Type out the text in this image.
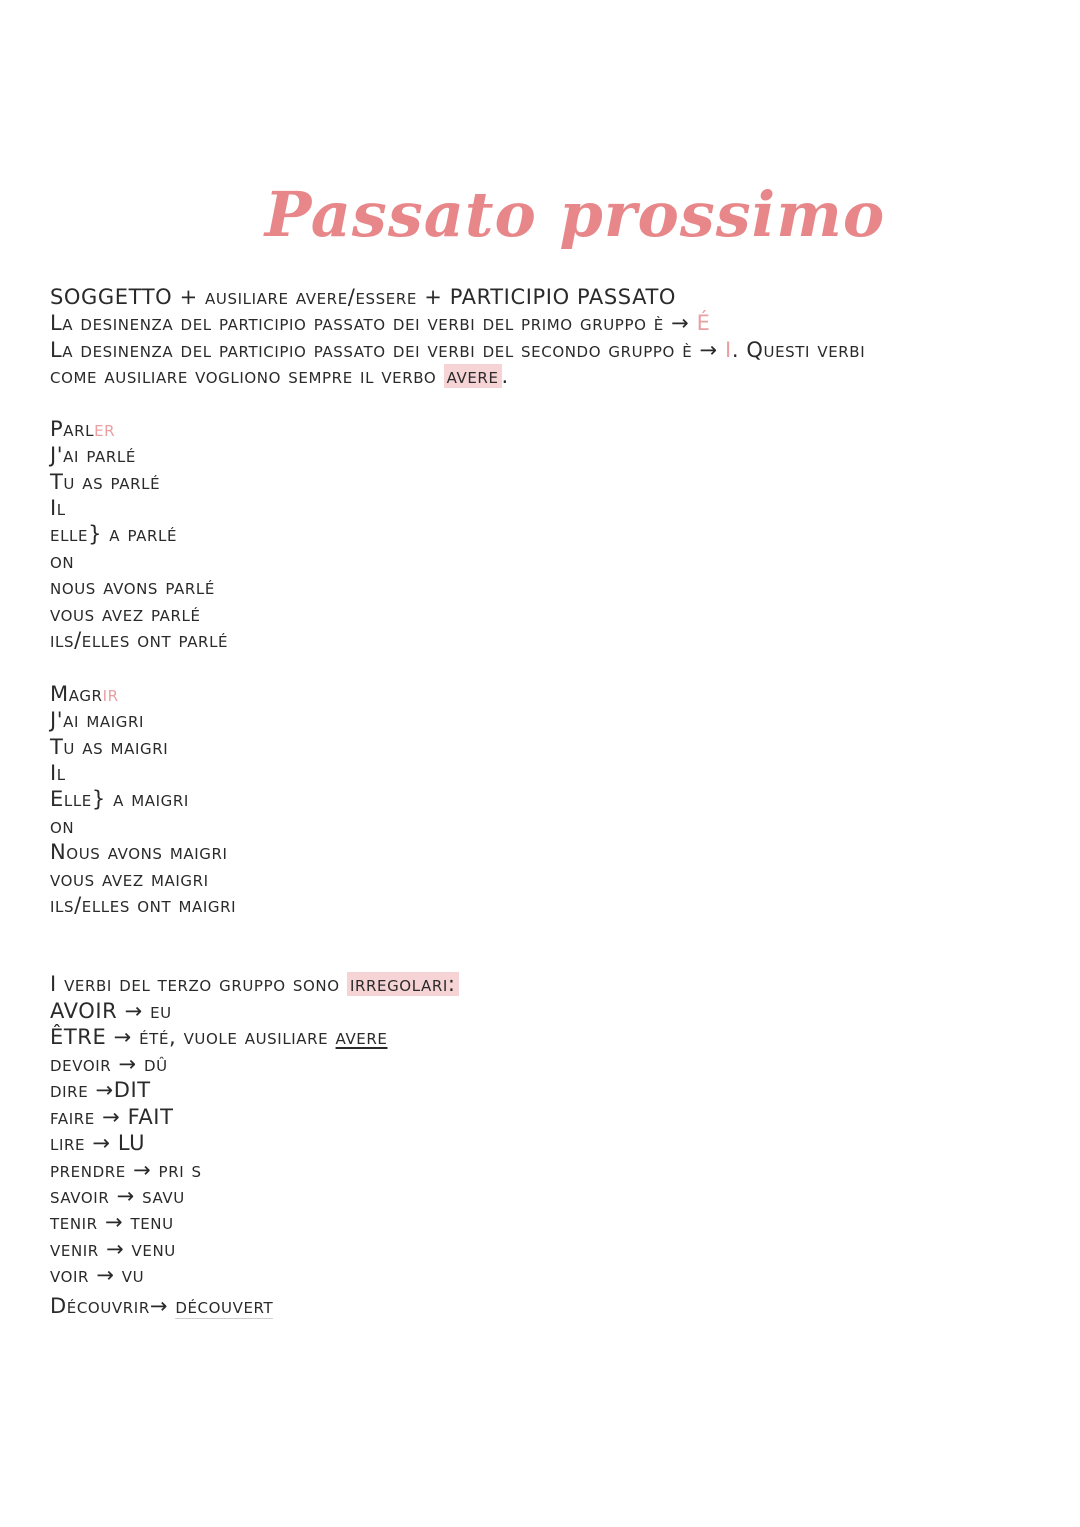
Passato prossimo
SOGGETTO + ausiliare avere/essere + PARTICIPIO PASSATO
La desinenza del participio passato dei verbi del primo gruppo è → É
La desinenza del participio passato dei verbi del secondo gruppo è → I. Questi verbi
come ausiliare vogliono sempre il verbo avere .
Parler
J'ai parlé
Tu as parlé
Il
elle} a parlé
on
nous avons parlé
vous avez parlé
ils/elles ont parlé
Magrir
J'ai maigri
Tu as maigri
Il
Elle} a maigri
on
Nous avons maigri
vous avez maigri
ils/elles ont maigri
I verbi del terzo gruppo sono irregolari:
AVOIR → eu
ÊTRE → été, vuole ausiliare avere
devoir → dû
dire →DIT
faire → FAIT
lire → LU
prendre → pri s
savoir → savu
tenir → tenu
venir → venu
voir → vu
Découvrir→ découvert
